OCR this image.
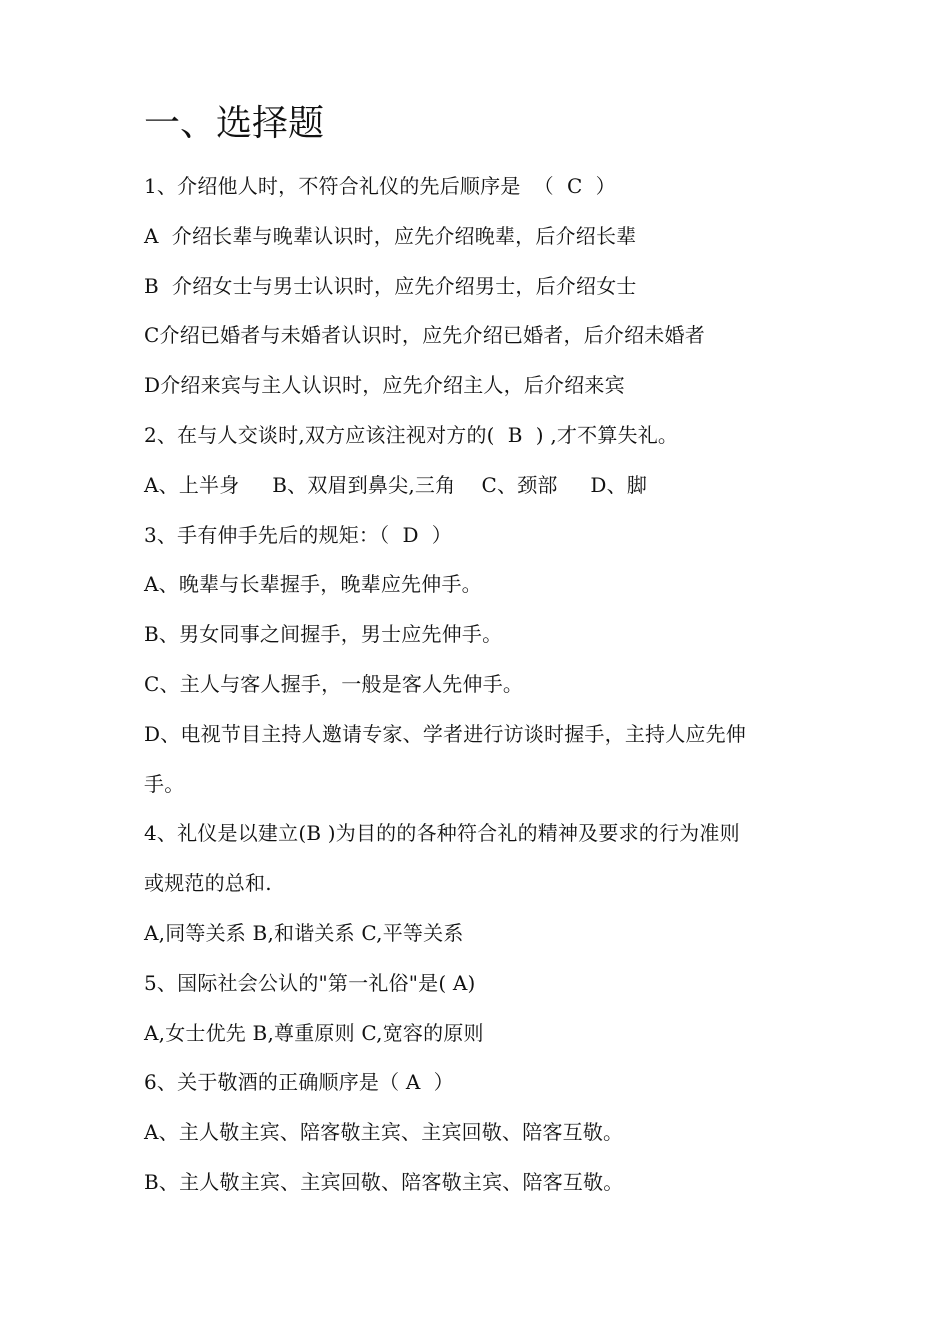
一、选择题
1、介绍他人时，不符合礼仪的先后顺序是  （  C  ）
A  介绍长辈与晚辈认识时，应先介绍晚辈，后介绍长辈
B  介绍女士与男士认识时，应先介绍男士，后介绍女士
C介绍已婚者与未婚者认识时，应先介绍已婚者，后介绍未婚者
D介绍来宾与主人认识时，应先介绍主人，后介绍来宾
2、在与人交谈时,双方应该注视对方的(  B  ) ,才不算失礼。
A、上半身     B、双眉到鼻尖,三角    C、颈部     D、脚
3、手有伸手先后的规矩：（  D  ）
A、晚辈与长辈握手，晚辈应先伸手。
B、男女同事之间握手，男士应先伸手。
C、主人与客人握手，一般是客人先伸手。
D、电视节目主持人邀请专家、学者进行访谈时握手，主持人应先伸
手。
4、礼仪是以建立(B )为目的的各种符合礼的精神及要求的行为准则
或规范的总和.
A,同等关系 B,和谐关系 C,平等关系
5、国际社会公认的"第一礼俗"是( A)
A,女士优先 B,尊重原则 C,宽容的原则
6、关于敬酒的正确顺序是（ A  ）
A、主人敬主宾、陪客敬主宾、主宾回敬、陪客互敬。
B、主人敬主宾、主宾回敬、陪客敬主宾、陪客互敬。
